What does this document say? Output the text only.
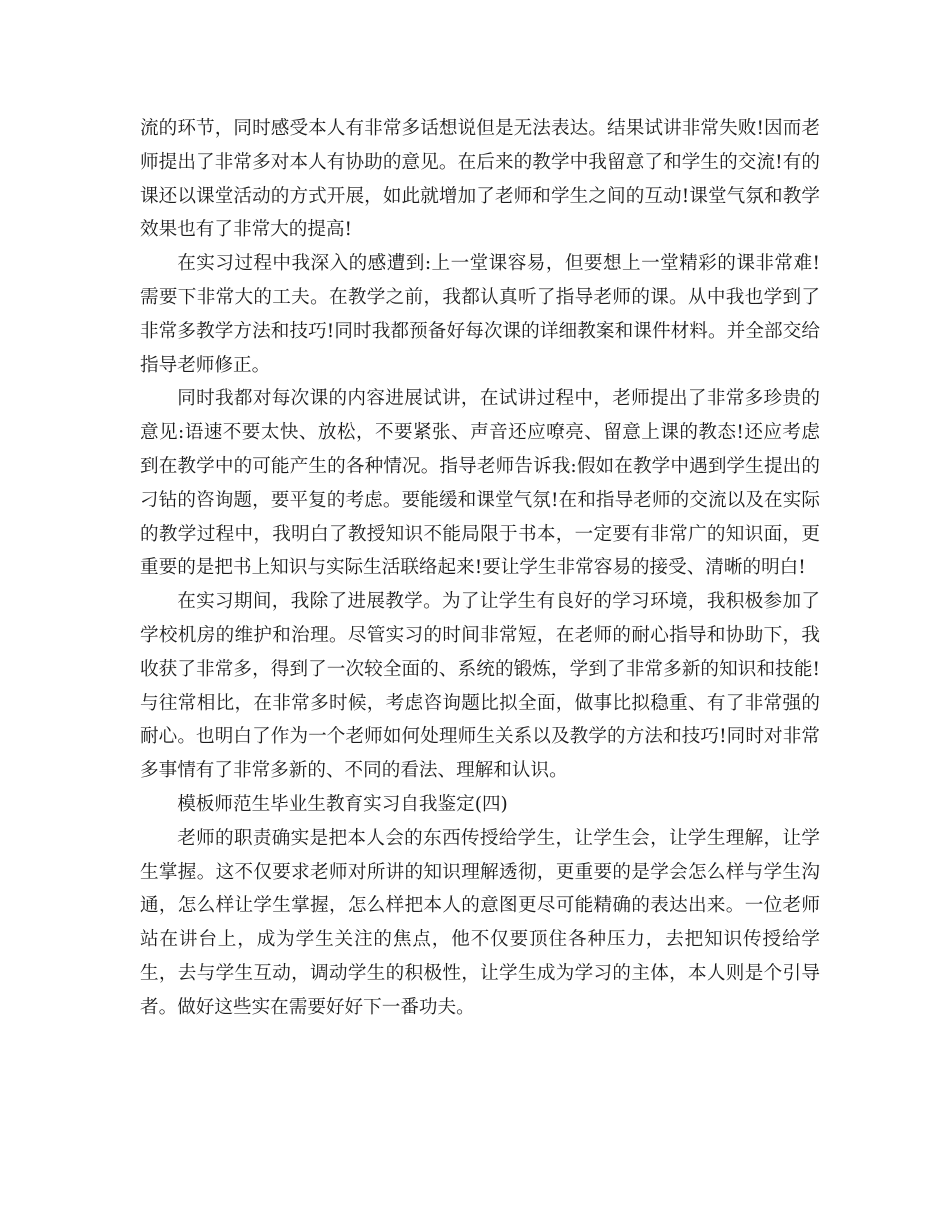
流的环节，同时感受本人有非常多话想说但是无法表达。结果试讲非常失败!因而老师提出了非常多对本人有协助的意见。在后来的教学中我留意了和学生的交流!有的课还以课堂活动的方式开展，如此就增加了老师和学生之间的互动!课堂气氛和教学效果也有了非常大的提高!

在实习过程中我深入的感遭到:上一堂课容易，但要想上一堂精彩的课非常难!需要下非常大的工夫。在教学之前，我都认真听了指导老师的课。从中我也学到了非常多教学方法和技巧!同时我都预备好每次课的详细教案和课件材料。并全部交给指导老师修正。

同时我都对每次课的内容进展试讲，在试讲过程中，老师提出了非常多珍贵的意见:语速不要太快、放松，不要紧张、声音还应嘹亮、留意上课的教态!还应考虑到在教学中的可能产生的各种情况。指导老师告诉我:假如在教学中遇到学生提出的刁钻的咨询题，要平复的考虑。要能缓和课堂气氛!在和指导老师的交流以及在实际的教学过程中，我明白了教授知识不能局限于书本，一定要有非常广的知识面，更重要的是把书上知识与实际生活联络起来!要让学生非常容易的接受、清晰的明白!

在实习期间，我除了进展教学。为了让学生有良好的学习环境，我积极参加了学校机房的维护和治理。尽管实习的时间非常短，在老师的耐心指导和协助下，我收获了非常多，得到了一次较全面的、系统的锻炼，学到了非常多新的知识和技能!与往常相比，在非常多时候，考虑咨询题比拟全面，做事比拟稳重、有了非常强的耐心。也明白了作为一个老师如何处理师生关系以及教学的方法和技巧!同时对非常多事情有了非常多新的、不同的看法、理解和认识。

模板师范生毕业生教育实习自我鉴定(四)

老师的职责确实是把本人会的东西传授给学生，让学生会，让学生理解，让学生掌握。这不仅要求老师对所讲的知识理解透彻，更重要的是学会怎么样与学生沟通，怎么样让学生掌握，怎么样把本人的意图更尽可能精确的表达出来。一位老师站在讲台上，成为学生关注的焦点，他不仅要顶住各种压力，去把知识传授给学生，去与学生互动，调动学生的积极性，让学生成为学习的主体，本人则是个引导者。做好这些实在需要好好下一番功夫。
